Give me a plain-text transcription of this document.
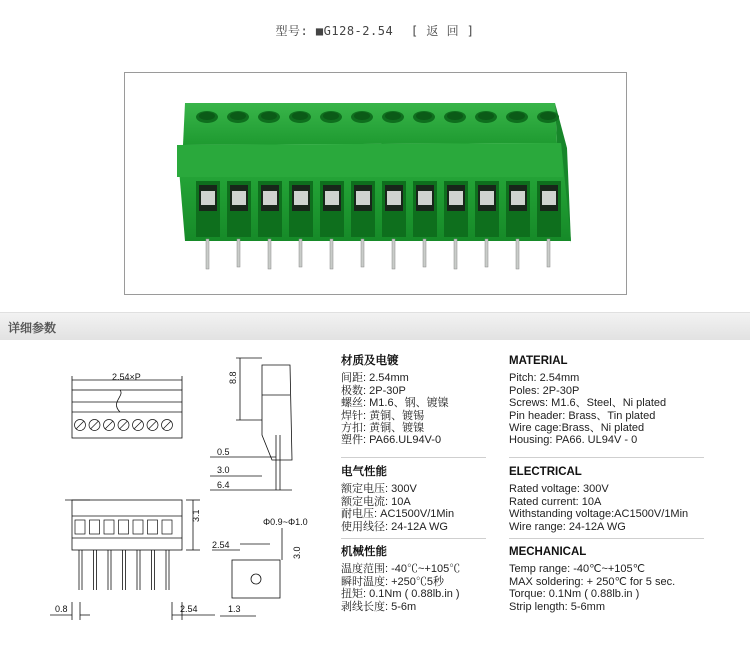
型号: ■G128-2.54 [ 返 回 ]
详细参数
2.54×P	8.8
0.5
3.0
6.4
3.1
2.54
Φ0.9~Φ1.0
3.0
0.8	2.54	1.3
材质及电镀
间距: 2.54mm
极数: 2P-30P
螺丝: M1.6、钢、镀镍
焊针: 黄铜、镀锡
方扣: 黄铜、镀镍
塑件: PA66.UL94V-0
电气性能
额定电压: 300V
额定电流: 10A
耐电压: AC1500V/1Min
使用线径: 24-12A WG
机械性能
温度范围: -40℃~+105℃
瞬时温度: +250℃5秒
扭矩: 0.1Nm ( 0.88lb.in )
剥线长度: 5-6m
MATERIAL
Pitch: 2.54mm
Poles: 2P-30P
Screws: M1.6、Steel、Ni plated
Pin header: Brass、Tin plated
Wire cage:Brass、Ni plated
Housing: PA66. UL94V - 0
ELECTRICAL
Rated voltage: 300V
Rated current: 10A
Withstanding voltage:AC1500V/1Min
Wire range: 24-12A WG
MECHANICAL
Temp range: -40℃~+105℃
MAX soldering: + 250℃ for 5 sec.
Torque: 0.1Nm ( 0.88lb.in )
Strip length: 5-6mm
